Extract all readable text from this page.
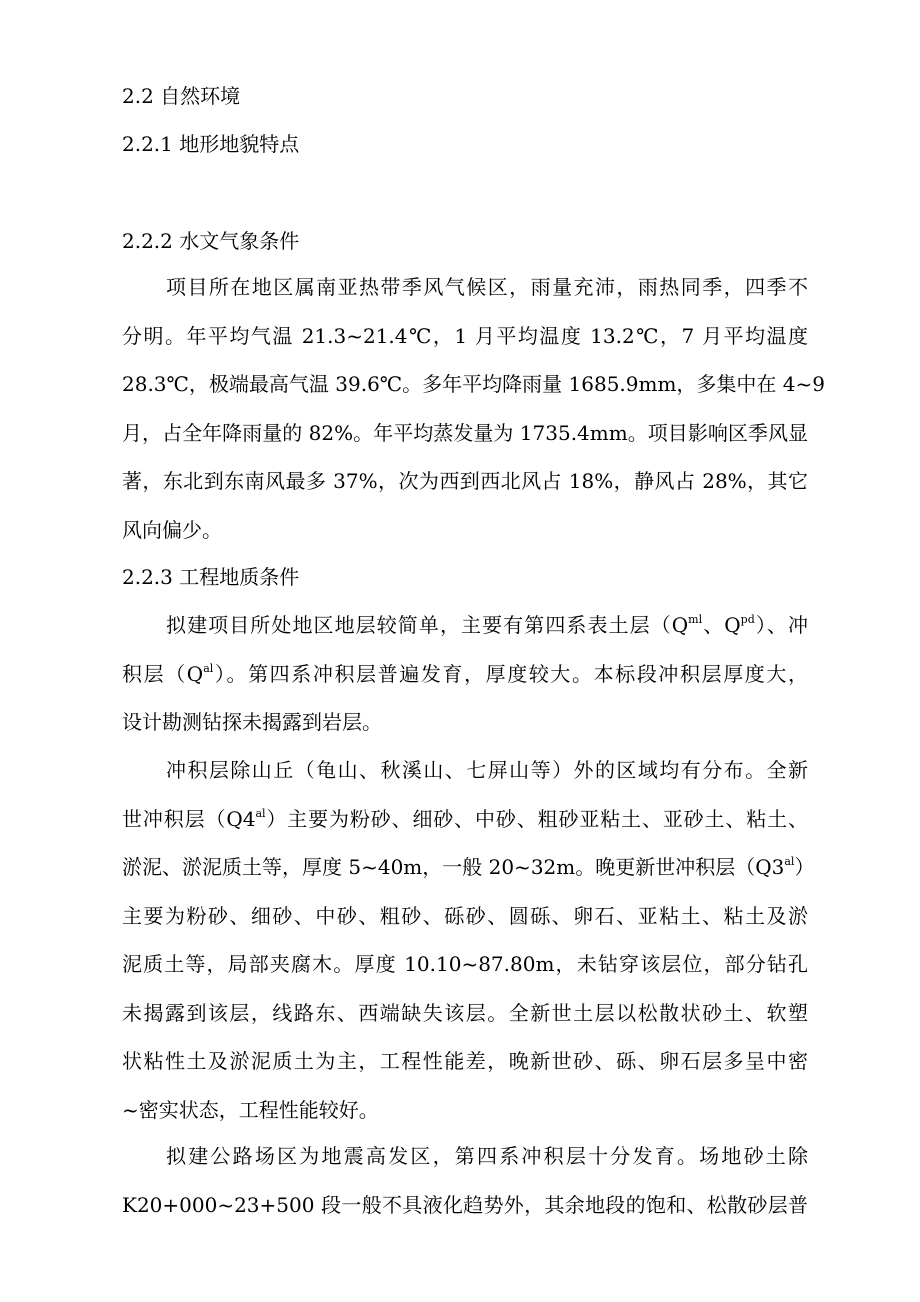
2.2 自然环境
2.2.1 地形地貌特点
2.2.2 水文气象条件
项目所在地区属南亚热带季风气候区，雨量充沛，雨热同季，四季不
分明。年平均气温 21.3~21.4℃，1 月平均温度 13.2℃，7 月平均温度
28.3℃，极端最高气温 39.6℃。多年平均降雨量 1685.9mm，多集中在 4~9
月，占全年降雨量的 82%。年平均蒸发量为 1735.4mm。项目影响区季风显
著，东北到东南风最多 37%，次为西到西北风占 18%，静风占 28%，其它
风向偏少。
2.2.3 工程地质条件
拟建项目所处地区地层较简单，主要有第四系表土层（$Q^{ml}$、$Q^{pd}$）、冲
积层$(Q^{al})$。第四系冲积层普遍发育，厚度较大。本标段冲积层厚度大，
设计勘测钻探未揭露到岩层。
冲积层除山丘（龟山、秋溪山、七屏山等）外的区域均有分布。全新
世冲积层$(Q4^{al})$主要为粉砂、细砂、中砂、粗砂亚粘土、亚砂土、粘土、
淤泥、淤泥质土等，厚度 5~40m，一般 20~32m。晚更新世冲积层$(Q3^{al})$
主要为粉砂、细砂、中砂、粗砂、砾砂、圆砾、卵石、亚粘土、粘土及淤
泥质土等，局部夹腐木。厚度 10.10~87.80m，未钻穿该层位，部分钻孔
未揭露到该层，线路东、西端缺失该层。全新世土层以松散状砂土、软塑
状粘性土及淤泥质土为主，工程性能差，晚新世砂、砾、卵石层多呈中密
~密实状态，工程性能较好。
拟建公路场区为地震高发区，第四系冲积层十分发育。场地砂土除
K20+000~23+500 段一般不具液化趋势外，其余地段的饱和、松散砂层普
